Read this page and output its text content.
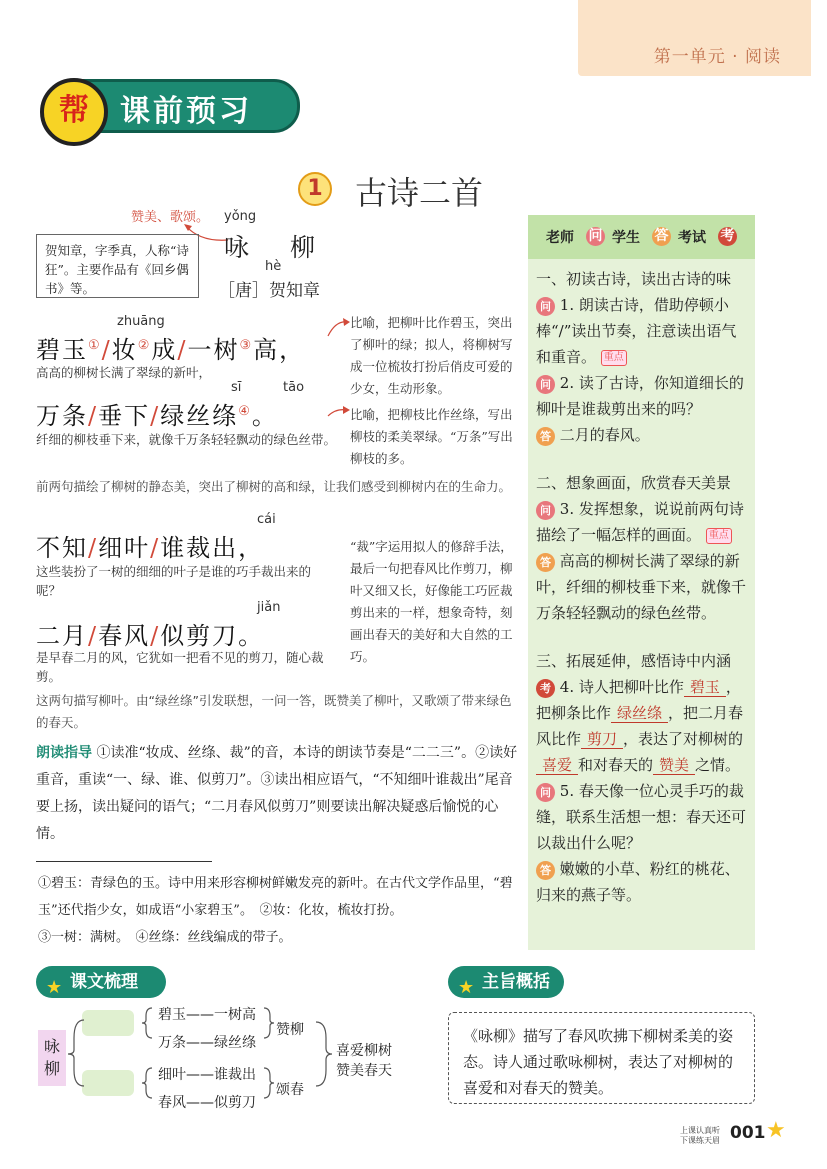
第一单元 · 阅读
课前预习
帮
1 古诗二首
赞美、歌颂。 yǒng
咏　柳
hè
［唐］贺知章
贺知章，字季真，人称“诗狂”。主要作品有《回乡偶书》等。
zhuāng
碧玉①/妆②成/一树③高，
高高的柳树长满了翠绿的新叶，
比喻，把柳叶比作碧玉，突出了柳叶的绿；拟人，将柳树写成一位梳妆打扮后俏皮可爱的少女，生动形象。
sī	tāo
万条/垂下/绿丝绦④。
纤细的柳枝垂下来，就像千万条轻轻飘动的绿色丝带。
比喻，把柳枝比作丝绦，写出柳枝的柔美翠绿。“万条”写出柳枝的多。
前两句描绘了柳树的静态美，突出了柳树的高和绿，让我们感受到柳树内在的生命力。
cái
不知/细叶/谁裁出，
这些装扮了一树的细细的叶子是谁的巧手裁出来的呢？
“裁”字运用拟人的修辞手法，最后一句把春风比作剪刀，柳叶又细又长，好像能工巧匠裁剪出来的一样，想象奇特，刻画出春天的美好和大自然的工巧。
jiǎn
二月/春风/似剪刀。
是早春二月的风，它犹如一把看不见的剪刀，随心裁剪。
这两句描写柳叶。由“绿丝绦”引发联想，一问一答，既赞美了柳叶，又歌颂了带来绿色的春天。
朗读指导 ①读准“妆成、丝绦、裁”的音，本诗的朗读节奏是“二二三”。②读好重音，重读“一、绿、谁、似剪刀”。③读出相应语气，“不知细叶谁裁出”尾音要上扬，读出疑问的语气；“二月春风似剪刀”则要读出解决疑惑后愉悦的心情。
①碧玉：青绿色的玉。诗中用来形容柳树鲜嫩发亮的新叶。在古代文学作品里，“碧玉”还代指少女，如成语“小家碧玉”。　 ②妆：化妆，梳妆打扮。
③一树：满树。　 ④丝绦：丝线编成的带子。
老师 问 学生 答 考试 考
一、初读古诗，读出古诗的味
问 1. 朗读古诗，借助停顿小棒“/”读出节奏，注意读出语气和重音。 重点
问 2. 读了古诗，你知道细长的柳叶是谁裁剪出来的吗？
答 二月的春风。
二、想象画面，欣赏春天美景
问 3. 发挥想象，说说前两句诗描绘了一幅怎样的画面。 重点
答 高高的柳树长满了翠绿的新叶，纤细的柳枝垂下来，就像千万条轻轻飘动的绿色丝带。
三、拓展延伸，感悟诗中内涵
考 4. 诗人把柳叶比作 碧玉 ，把柳条比作 绿丝绦 ，把二月春风比作 剪刀 ，表达了对柳树的喜爱 和对春天的 赞美 之情。
问 5. 春天像一位心灵手巧的裁缝，联系生活想一想：春天还可以裁出什么呢？
答 嫩嫩的小草、粉红的桃花、归来的燕子等。
★ 课文梳理
咏柳
碧玉——一树高
万条——绿丝绦
细叶——谁裁出
春风——似剪刀
赞柳
颂春
喜爱柳树
赞美春天
★ 主旨概括
《咏柳》描写了春风吹拂下柳树柔美的姿态。诗人通过歌咏柳树，表达了对柳树的喜爱和对春天的赞美。
上课认真听
下课练天眉 001 ★
